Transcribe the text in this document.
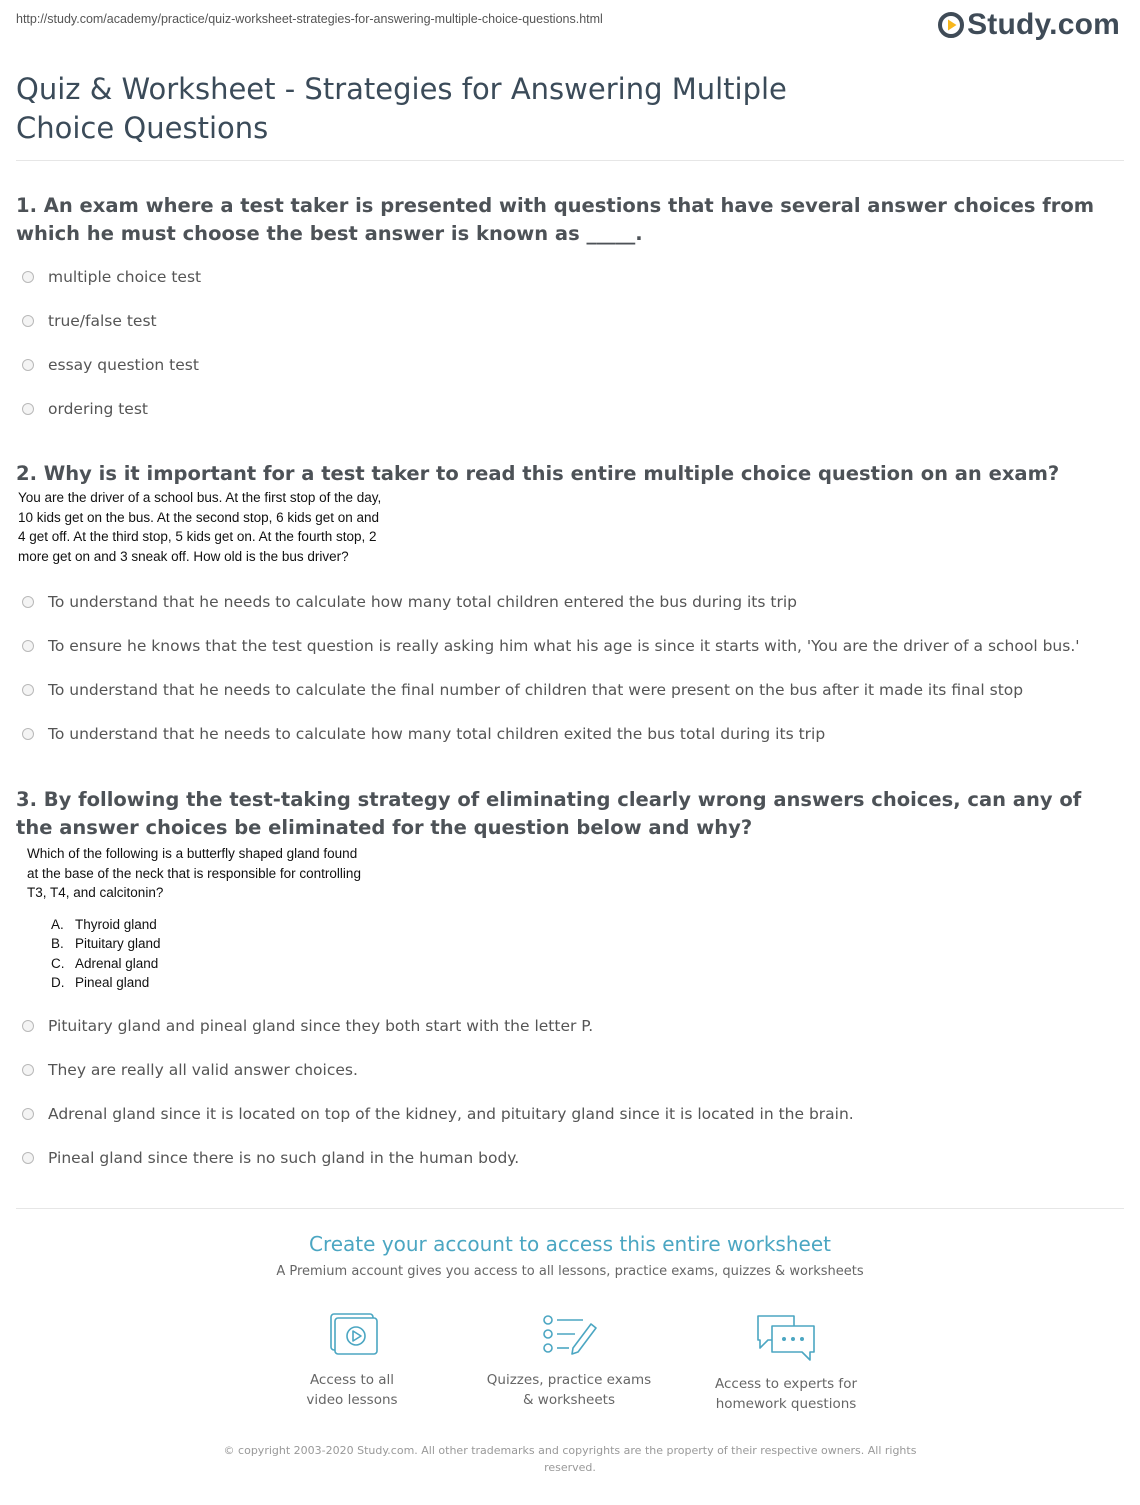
http://study.com/academy/practice/quiz-worksheet-strategies-for-answering-multiple-choice-questions.html	Study.com
Quiz & Worksheet - Strategies for Answering Multiple Choice Questions

1. An exam where a test taker is presented with questions that have several answer choices from which he must choose the best answer is known as _____.

multiple choice test
true/false test
essay question test
ordering test

2. Why is it important for a test taker to read this entire multiple choice question on an exam?

You are the driver of a school bus. At the first stop of the day,
10 kids get on the bus. At the second stop, 6 kids get on and
4 get off. At the third stop, 5 kids get on. At the fourth stop, 2
more get on and 3 sneak off. How old is the bus driver?
To understand that he needs to calculate how many total children entered the bus during its trip
To ensure he knows that the test question is really asking him what his age is since it starts with, 'You are the driver of a school bus.'
To understand that he needs to calculate the final number of children that were present on the bus after it made its final stop
To understand that he needs to calculate how many total children exited the bus total during its trip

3. By following the test-taking strategy of eliminating clearly wrong answers choices, can any of the answer choices be eliminated for the question below and why?

Which of the following is a butterfly shaped gland found
at the base of the neck that is responsible for controlling
T3, T4, and calcitonin?
A. Thyroid gland
B. Pituitary gland
C. Adrenal gland
D. Pineal gland
Pituitary gland and pineal gland since they both start with the letter P.
They are really all valid answer choices.
Adrenal gland since it is located on top of the kidney, and pituitary gland since it is located in the brain.
Pineal gland since there is no such gland in the human body.
Create your account to access this entire worksheet
A Premium account gives you access to all lessons, practice exams, quizzes & worksheets
Access to all
video lessons
Quizzes, practice exams
& worksheets
Access to experts for
homework questions
© copyright 2003-2020 Study.com. All other trademarks and copyrights are the property of their respective owners. All rights reserved.
